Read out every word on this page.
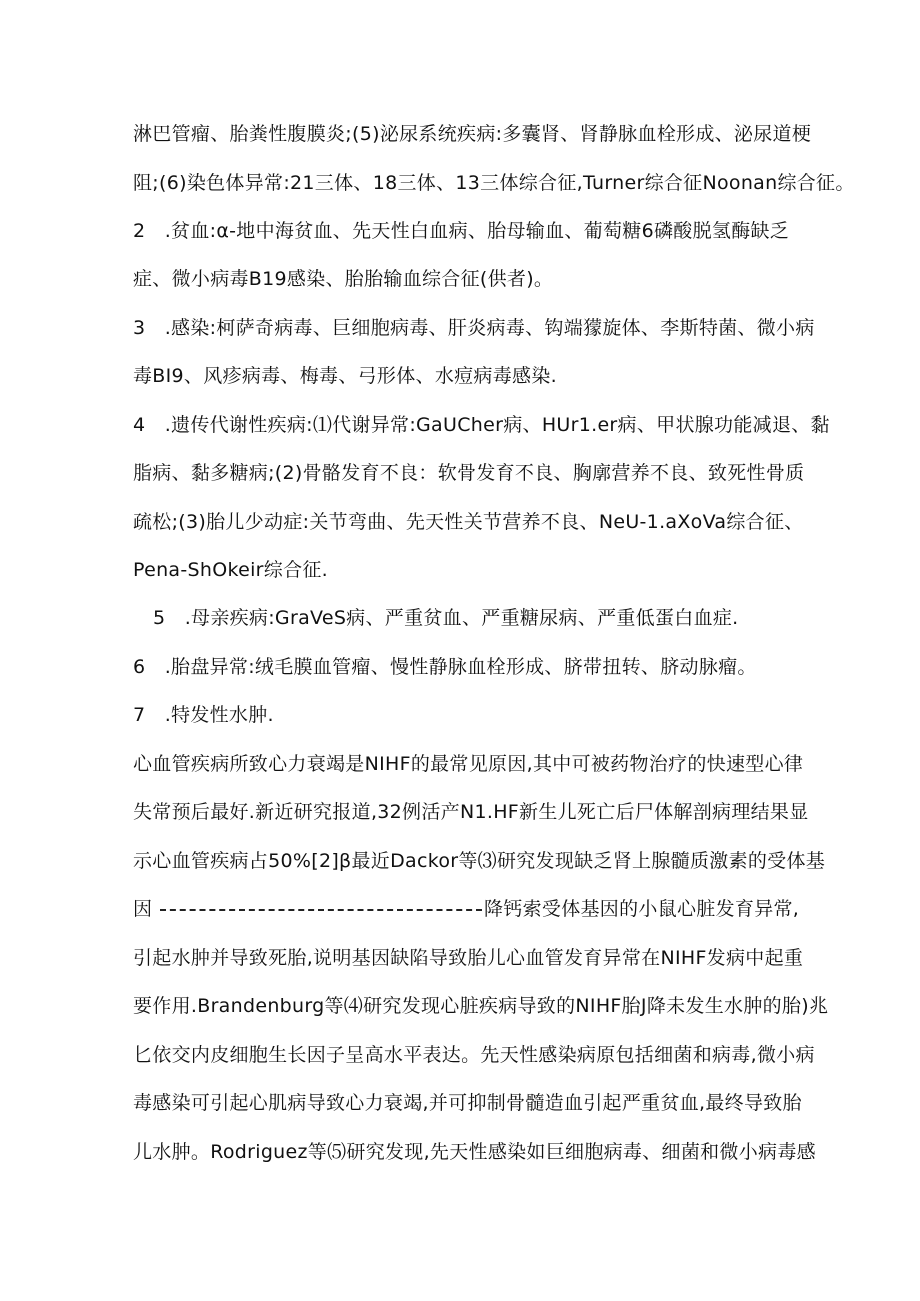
淋巴管瘤、胎粪性腹膜炎;(5)泌尿系统疾病:多囊肾、肾静脉血栓形成、泌尿道梗
阻;(6)染色体异常:21三体、18三体、13三体综合征,Turner综合征Noonan综合征。
2　.贫血:α-地中海贫血、先天性白血病、胎母输血、葡萄糖6磷酸脱氢酶缺乏
症、微小病毒B19感染、胎胎输血综合征(供者)。
3　.感染:柯萨奇病毒、巨细胞病毒、肝炎病毒、钩端獴旋体、李斯特菌、微小病
毒BI9、风疹病毒、梅毒、弓形体、水痘病毒感染.
4　.遗传代谢性疾病:⑴代谢异常:GaUCher病、HUr1.er病、甲状腺功能减退、黏
脂病、黏多糖病;(2)骨骼发育不良：软骨发育不良、胸廓营养不良、致死性骨质
疏松;(3)胎儿少动症:关节弯曲、先天性关节营养不良、NeU-1.aXoVa综合征、
Pena-ShOkeir综合征.
5　.母亲疾病:GraVeS病、严重贫血、严重糖尿病、严重低蛋白血症.
6　.胎盘异常:绒毛膜血管瘤、慢性静脉血栓形成、脐带扭转、脐动脉瘤。
7　.特发性水肿.
心血管疾病所致心力衰竭是NIHF的最常见原因,其中可被药物治疗的快速型心律
失常预后最好.新近研究报道,32例活产N1.HF新生儿死亡后尸体解剖病理结果显
示心血管疾病占50%[2]β最近Dackor等⑶研究发现缺乏肾上腺髓质激素的受体基
因	降钙索受体基因的小鼠心脏发育异常,
引起水肿并导致死胎,说明基因缺陷导致胎儿心血管发育异常在NIHF发病中起重
要作用.Brandenburg等⑷研究发现心脏疾病导致的NIHF胎J降未发生水肿的胎)兆
匕依交内皮细胞生长因子呈高水平表达。先天性感染病原包括细菌和病毒,微小病
毒感染可引起心肌病导致心力衰竭,并可抑制骨髓造血引起严重贫血,最终导致胎
儿水肿。Rodriguez等⑸研究发现,先天性感染如巨细胞病毒、细菌和微小病毒感
